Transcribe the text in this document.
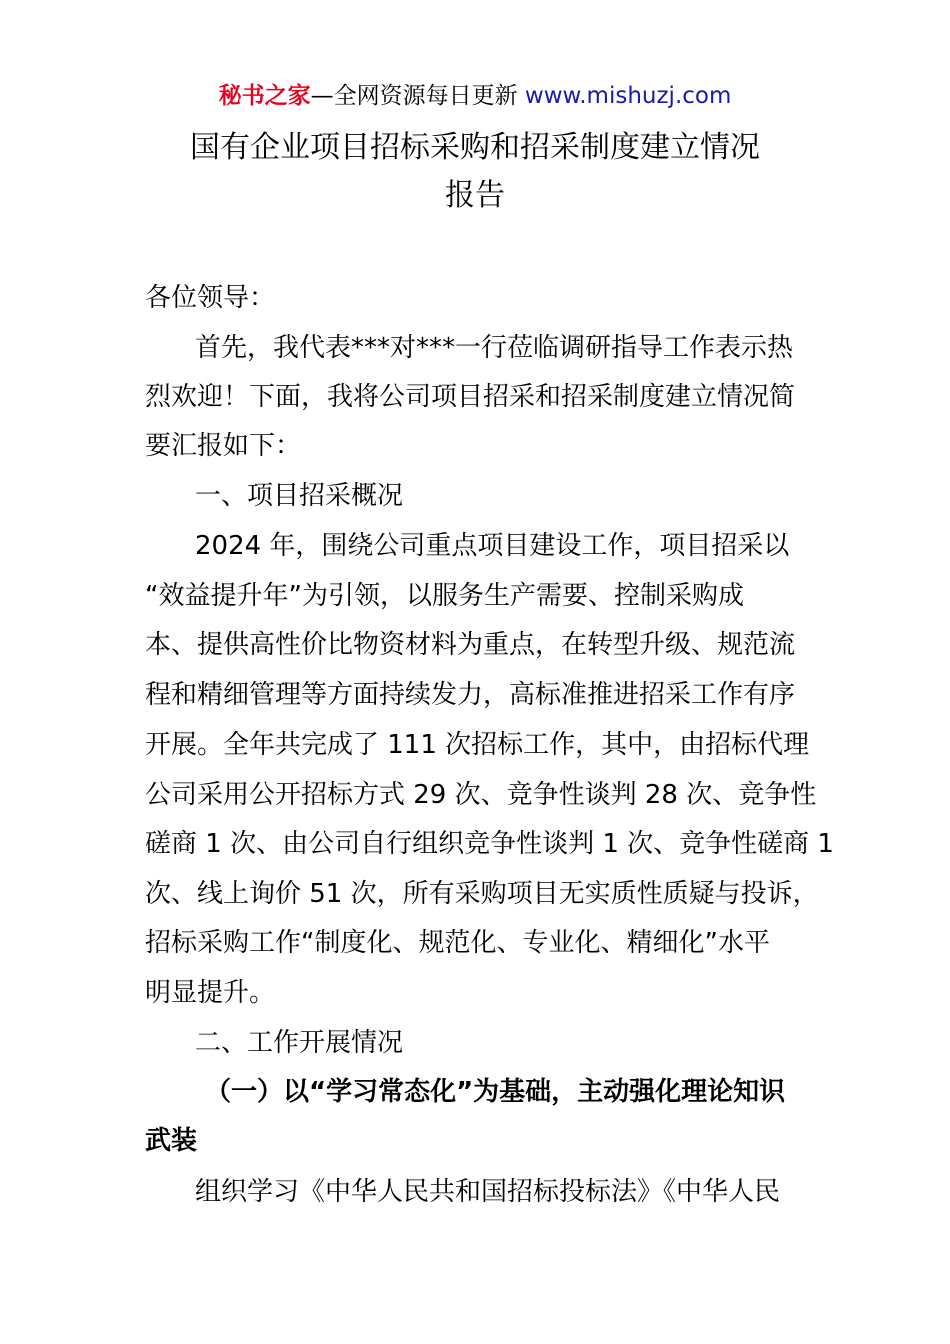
秘书之家—全网资源每日更新 www.mishuzj.com
国有企业项目招标采购和招采制度建立情况
报告
各位领导：
首先，我代表***对***一行莅临调研指导工作表示热
烈欢迎！下面，我将公司项目招采和招采制度建立情况简
要汇报如下：
一、项目招采概况
2024 年，围绕公司重点项目建设工作，项目招采以
“效益提升年”为引领，以服务生产需要、控制采购成
本、提供高性价比物资材料为重点，在转型升级、规范流
程和精细管理等方面持续发力，高标准推进招采工作有序
开展。全年共完成了 111 次招标工作，其中，由招标代理
公司采用公开招标方式 29 次、竞争性谈判 28 次、竞争性
磋商 1 次、由公司自行组织竞争性谈判 1 次、竞争性磋商 1
次、线上询价 51 次，所有采购项目无实质性质疑与投诉，
招标采购工作“制度化、规范化、专业化、精细化”水平
明显提升。
二、工作开展情况
（一）以“学习常态化”为基础，主动强化理论知识
武装
组织学习《中华人民共和国招标投标法》《中华人民
